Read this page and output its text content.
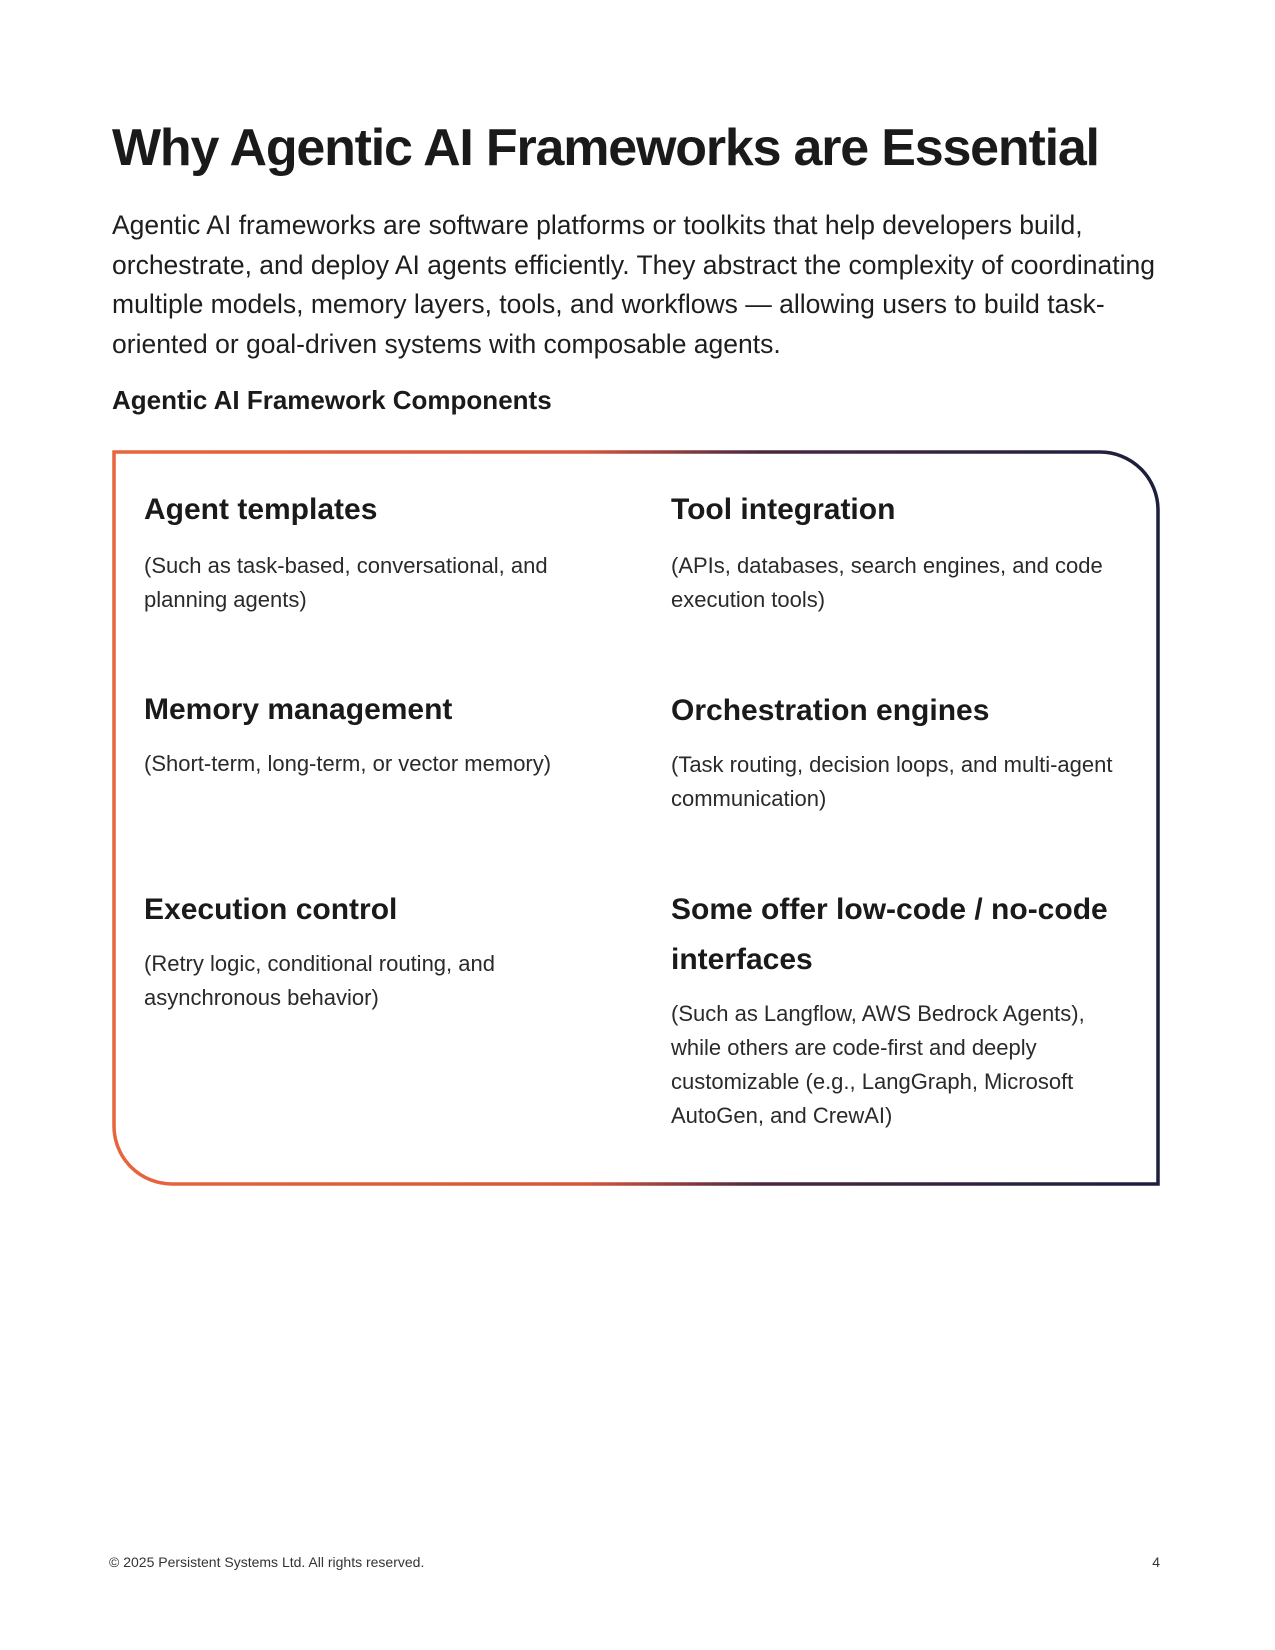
Why Agentic AI Frameworks are Essential

Agentic AI frameworks are software platforms or toolkits that help developers build, orchestrate, and deploy AI agents efficiently. They abstract the complexity of coordinating multiple models, memory layers, tools, and workflows — allowing users to build task-oriented or goal-driven systems with composable agents.

Agentic AI Framework Components
Agent templates

(Such as task-based, conversational, and planning agents)

Tool integration

(APIs, databases, search engines, and code execution tools)

Memory management

(Short-term, long-term, or vector memory)

Orchestration engines

(Task routing, decision loops, and multi-agent communication)

Execution control

(Retry logic, conditional routing, and asynchronous behavior)

Some offer low-code / no-code interfaces

(Such as Langflow, AWS Bedrock Agents), while others are code-first and deeply customizable (e.g., LangGraph, Microsoft AutoGen, and CrewAI)

© 2025 Persistent Systems Ltd. All rights reserved.	4
